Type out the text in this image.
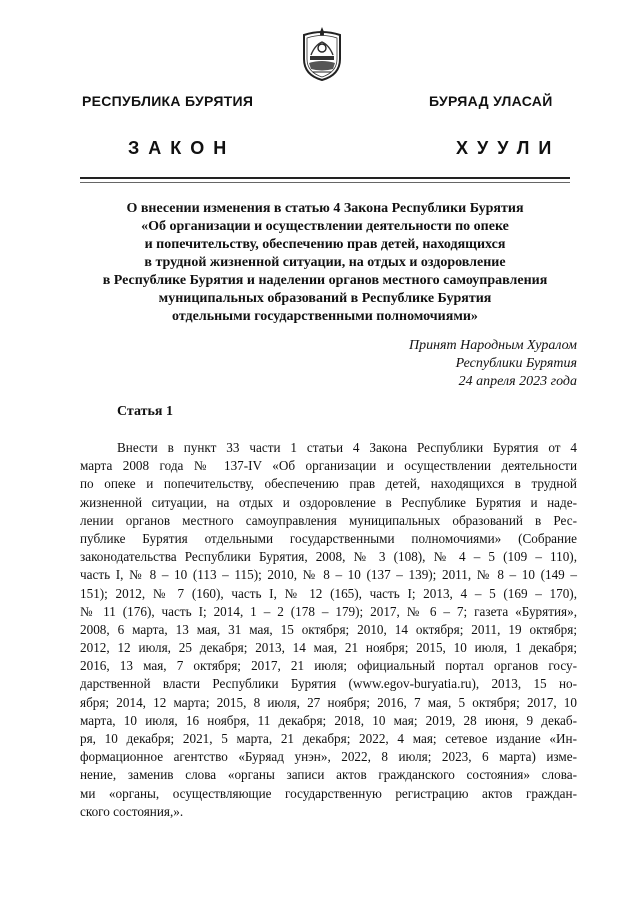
РЕСПУБЛИКА БУРЯТИЯ	БУРЯАД УЛАСАЙ
ЗАКОН	ХУУЛИ
О внесении изменения в статью 4 Закона Республики Бурятия
«Об организации и осуществлении деятельности по опеке
и попечительству, обеспечению прав детей, находящихся
в трудной жизненной ситуации, на отдых и оздоровление
в Республике Бурятия и наделении органов местного самоуправления
муниципальных образований в Республике Бурятия
отдельными государственными полномочиями»
Принят Народным Хуралом
Республики Бурятия
24 апреля 2023 года
Статья 1
Внести в пункт 33 части 1 статьи 4 Закона Республики Бурятия от 4
марта 2008 года № 137-IV «Об организации и осуществлении деятельности
по опеке и попечительству, обеспечению прав детей, находящихся в трудной
жизненной ситуации, на отдых и оздоровление в Республике Бурятия и наде-
лении органов местного самоуправления муниципальных образований в Рес-
публике Бурятия отдельными государственными полномочиями» (Собрание
законодательства Республики Бурятия, 2008, № 3 (108), № 4 – 5 (109 – 110),
часть I, № 8 – 10 (113 – 115); 2010, № 8 – 10 (137 – 139); 2011, № 8 – 10 (149 –
151); 2012, № 7 (160), часть I, № 12 (165), часть I; 2013, 4 – 5 (169 – 170),
№ 11 (176), часть I; 2014, 1 – 2 (178 – 179); 2017, № 6 – 7; газета «Бурятия»,
2008, 6 марта, 13 мая, 31 мая, 15 октября; 2010, 14 октября; 2011, 19 октября;
2012, 12 июля, 25 декабря; 2013, 14 мая, 21 ноября; 2015, 10 июля, 1 декабря;
2016, 13 мая, 7 октября; 2017, 21 июля; официальный портал органов госу-
дарственной власти Республики Бурятия (www.egov-buryatia.ru), 2013, 15 но-
ября; 2014, 12 марта; 2015, 8 июля, 27 ноября; 2016, 7 мая, 5 октября; 2017, 10
марта, 10 июля, 16 ноября, 11 декабря; 2018, 10 мая; 2019, 28 июня, 9 декаб-
ря, 10 декабря; 2021, 5 марта, 21 декабря; 2022, 4 мая; сетевое издание «Ин-
формационное агентство «Буряад унэн», 2022, 8 июля; 2023, 6 марта) изме-
нение, заменив слова «органы записи актов гражданского состояния» слова-
ми «органы, осуществляющие государственную регистрацию актов граждан-
ского состояния,».
